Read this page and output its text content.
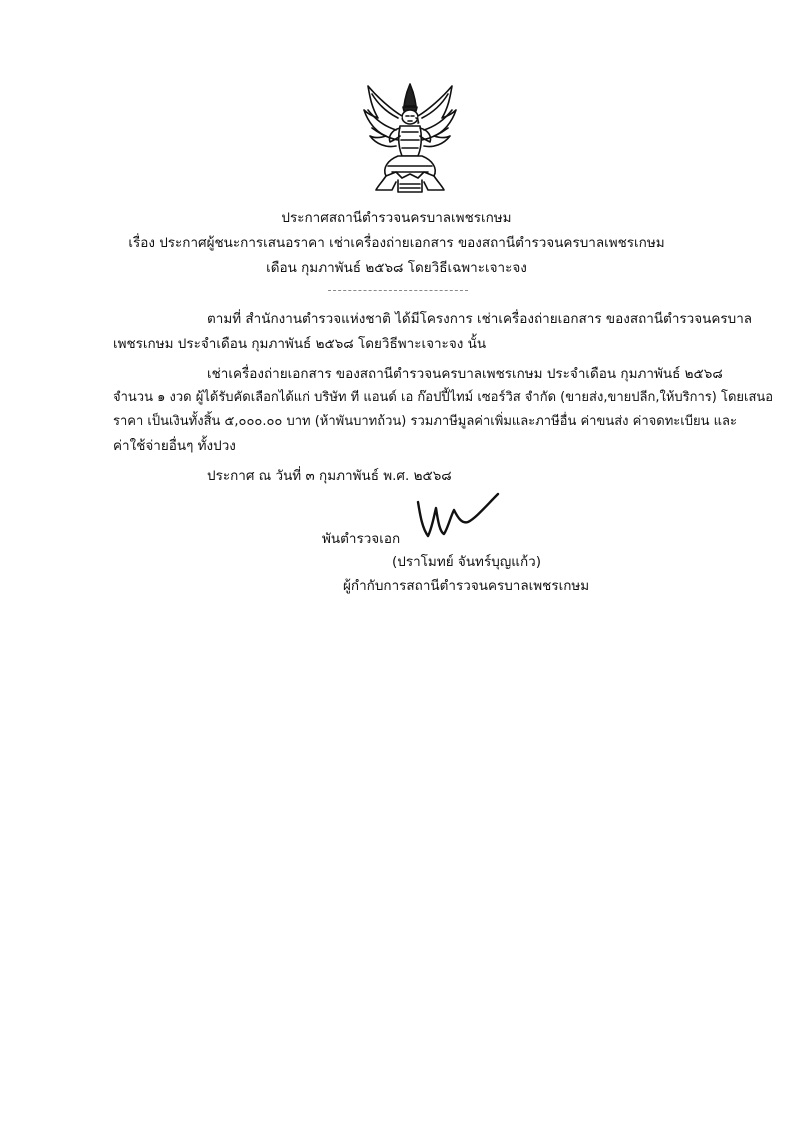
ประกาศสถานีตำรวจนครบาลเพชรเกษม
เรื่อง ประกาศผู้ชนะการเสนอราคา เช่าเครื่องถ่ายเอกสาร ของสถานีตำรวจนครบาลเพชรเกษม
เดือน กุมภาพันธ์ ๒๕๖๘ โดยวิธีเฉพาะเจาะจง
ตามที่ สำนักงานตำรวจแห่งชาติ ได้มีโครงการ เช่าเครื่องถ่ายเอกสาร ของสถานีตำรวจนครบาล
เพชรเกษม ประจำเดือน กุมภาพันธ์ ๒๕๖๘ โดยวิธีพาะเจาะจง นั้น
เช่าเครื่องถ่ายเอกสาร ของสถานีตำรวจนครบาลเพชรเกษม ประจำเดือน กุมภาพันธ์ ๒๕๖๘
จำนวน ๑ งวด ผู้ได้รับคัดเลือกได้แก่ บริษัท ที แอนด์ เอ ก๊อปปี้ไทม์ เซอร์วิส จำกัด (ขายส่ง,ขายปลีก,ให้บริการ) โดยเสนอ
ราคา เป็นเงินทั้งสิ้น ๕,๐๐๐.๐๐ บาท (ห้าพันบาทถ้วน) รวมภาษีมูลค่าเพิ่มและภาษีอื่น ค่าขนส่ง ค่าจดทะเบียน และ
ค่าใช้จ่ายอื่นๆ ทั้งปวง
ประกาศ ณ วันที่ ๓ กุมภาพันธ์ พ.ศ. ๒๕๖๘
พันตำรวจเอก
(ปราโมทย์ จันทร์บุญแก้ว)
ผู้กำกับการสถานีตำรวจนครบาลเพชรเกษม
